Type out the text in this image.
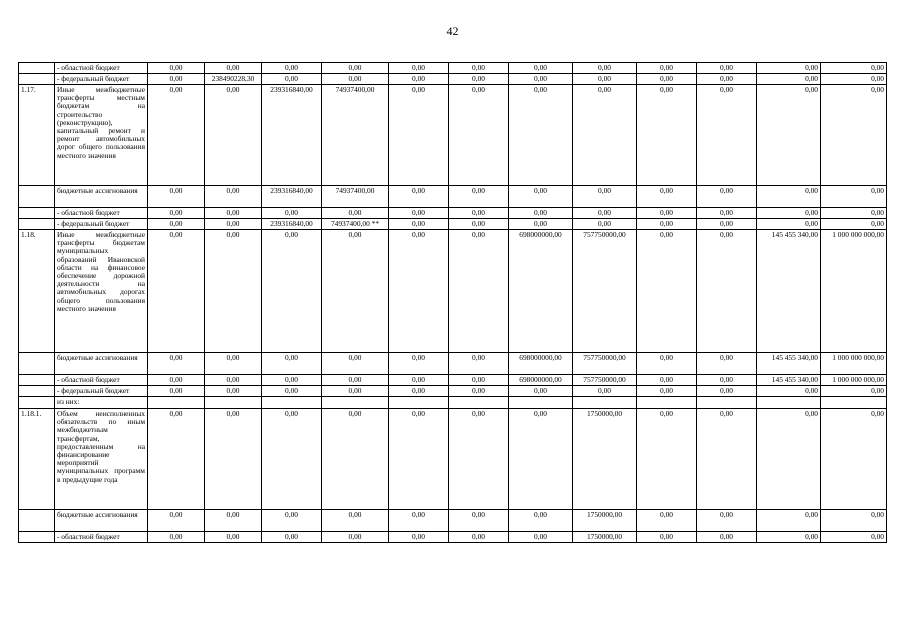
42
	- областной бюджет	0,00	0,00	0,00	0,00	0,00	0,00	0,00	0,00	0,00	0,00	0,00	0,00
	- федеральный бюджет	0,00	238490228,30	0,00	0,00	0,00	0,00	0,00	0,00	0,00	0,00	0,00	0,00
1.17.	Иные межбюджетные трансферты местным бюджетам на строительство (реконструкцию), капитальный ремонт и ремонт автомобильных дорог общего пользования местного значения	0,00	0,00	239316840,00	74937400,00	0,00	0,00	0,00	0,00	0,00	0,00	0,00	0,00
	бюджетные ассигнования	0,00	0,00	239316840,00	74937400,00	0,00	0,00	0,00	0,00	0,00	0,00	0,00	0,00
	- областной бюджет	0,00	0,00	0,00	0,00	0,00	0,00	0,00	0,00	0,00	0,00	0,00	0,00
	- федеральный бюджет	0,00	0,00	239316840,00	74937400,00 **	0,00	0,00	0,00	0,00	0,00	0,00	0,00	0,00
1.18.	Иные межбюджетные трансферты бюджетам муниципальных образований Ивановской области на финансовое обеспечение дорожной деятельности на автомобильных дорогах общего пользования местного значения	0,00	0,00	0,00	0,00	0,00	0,00	698000000,00	757750000,00	0,00	0,00	145 455 340,00	1 000 000 000,00
	бюджетные ассигнования	0,00	0,00	0,00	0,00	0,00	0,00	698000000,00	757750000,00	0,00	0,00	145 455 340,00	1 000 000 000,00
	- областной бюджет	0,00	0,00	0,00	0,00	0,00	0,00	698000000,00	757750000,00	0,00	0,00	145 455 340,00	1 000 000 000,00
	- федеральный бюджет	0,00	0,00	0,00	0,00	0,00	0,00	0,00	0,00	0,00	0,00	0,00	0,00
	из них:												
1.18.1.	Объем неисполненных обязательств по иным межбюджетным трансфертам, предоставленным на финансирование мероприятий муниципальных программ в предыдущие года	0,00	0,00	0,00	0,00	0,00	0,00	0,00	1750000,00	0,00	0,00	0,00	0,00
	бюджетные ассигнования	0,00	0,00	0,00	0,00	0,00	0,00	0,00	1750000,00	0,00	0,00	0,00	0,00
	- областной бюджет	0,00	0,00	0,00	0,00	0,00	0,00	0,00	1750000,00	0,00	0,00	0,00	0,00
